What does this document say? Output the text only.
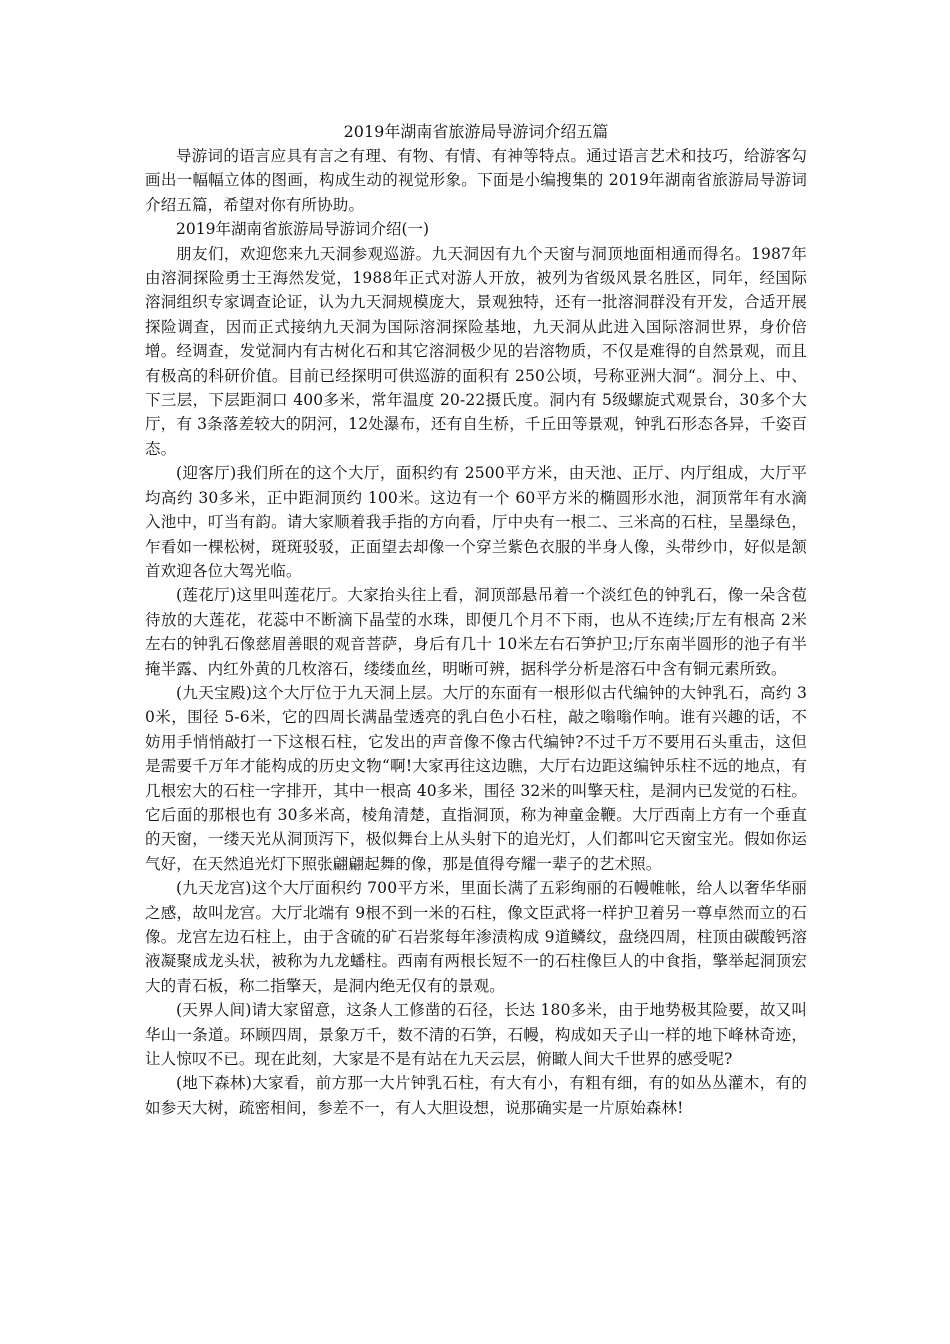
2019年湖南省旅游局导游词介绍五篇

导游词的语言应具有言之有理、有物、有情、有神等特点。通过语言艺术和技巧，给游客勾画出一幅幅立体的图画，构成生动的视觉形象。下面是小编搜集的 2019年湖南省旅游局导游词介绍五篇，希望对你有所协助。

2019年湖南省旅游局导游词介绍(一)

朋友们，欢迎您来九天洞参观巡游。九天洞因有九个天窗与洞顶地面相通而得名。1987年由溶洞探险勇士王海然发觉，1988年正式对游人开放，被列为省级风景名胜区，同年，经国际溶洞组织专家调查论证，认为九天洞规模庞大，景观独特，还有一批溶洞群没有开发，合适开展探险调查，因而正式接纳九天洞为国际溶洞探险基地，九天洞从此进入国际溶洞世界，身价倍增。经调查，发觉洞内有古树化石和其它溶洞极少见的岩溶物质，不仅是难得的自然景观，而且有极高的科研价值。目前已经探明可供巡游的面积有 250公顷，号称亚洲大洞“。洞分上、中、下三层，下层距洞口 400多米，常年温度 20-22摄氏度。洞内有 5级螺旋式观景台，30多个大厅，有 3条落差较大的阴河，12处瀑布，还有自生桥，千丘田等景观，钟乳石形态各异，千姿百态。

(迎客厅)我们所在的这个大厅，面积约有 2500平方米，由天池、正厅、内厅组成，大厅平均高约 30多米，正中距洞顶约 100米。这边有一个 60平方米的椭圆形水池，洞顶常年有水滴入池中，叮当有韵。请大家顺着我手指的方向看，厅中央有一根二、三米高的石柱，呈墨绿色，乍看如一棵松树，斑斑驳驳，正面望去却像一个穿兰紫色衣服的半身人像，头带纱巾，好似是颔首欢迎各位大驾光临。

(莲花厅)这里叫莲花厅。大家抬头往上看，洞顶部悬吊着一个淡红色的钟乳石，像一朵含苞待放的大莲花，花蕊中不断滴下晶莹的水珠，即便几个月不下雨，也从不连续;厅左有根高 2米左右的钟乳石像慈眉善眼的观音菩萨，身后有几十 10米左右石笋护卫;厅东南半圆形的池子有半掩半露、内红外黄的几枚溶石，缕缕血丝，明晰可辨，据科学分析是溶石中含有铜元素所致。

(九天宝殿)这个大厅位于九天洞上层。大厅的东面有一根形似古代编钟的大钟乳石，高约 30米，围径 5-6米，它的四周长满晶莹透亮的乳白色小石柱，敲之嗡嗡作响。谁有兴趣的话，不妨用手悄悄敲打一下这根石柱，它发出的声音像不像古代编钟?不过千万不要用石头重击，这但是需要千万年才能构成的历史文物“啊!大家再往这边瞧，大厅右边距这编钟乐柱不远的地点，有几根宏大的石柱一字排开，其中一根高 40多米，围径 32米的叫擎天柱，是洞内已发觉的石柱。它后面的那根也有 30多米高，棱角清楚，直指洞顶，称为神童金鞭。大厅西南上方有一个垂直的天窗，一缕天光从洞顶泻下，极似舞台上从头射下的追光灯，人们都叫它天窗宝光。假如你运气好，在天然追光灯下照张翩翩起舞的像，那是值得夸耀一辈子的艺术照。

(九天龙宫)这个大厅面积约 700平方米，里面长满了五彩绚丽的石幔帷帐，给人以奢华华丽之感，故叫龙宫。大厅北端有 9根不到一米的石柱，像文臣武将一样护卫着另一尊卓然而立的石像。龙宫左边石柱上，由于含硫的矿石岩浆每年渗渍构成 9道鳞纹，盘绕四周，柱顶由碳酸钙溶液凝聚成龙头状，被称为九龙蟠柱。西南有两根长短不一的石柱像巨人的中食指，擎举起洞顶宏大的青石板，称二指擎天，是洞内绝无仅有的景观。

(天界人间)请大家留意，这条人工修凿的石径，长达 180多米，由于地势极其险要，故又叫华山一条道。环顾四周，景象万千，数不清的石笋，石幔，构成如天子山一样的地下峰林奇迹，让人惊叹不已。现在此刻，大家是不是有站在九天云层，俯瞰人间大千世界的感受呢?

(地下森林)大家看，前方那一大片钟乳石柱，有大有小，有粗有细，有的如丛丛灌木，有的如参天大树，疏密相间，参差不一，有人大胆设想，说那确实是一片原始森林!
